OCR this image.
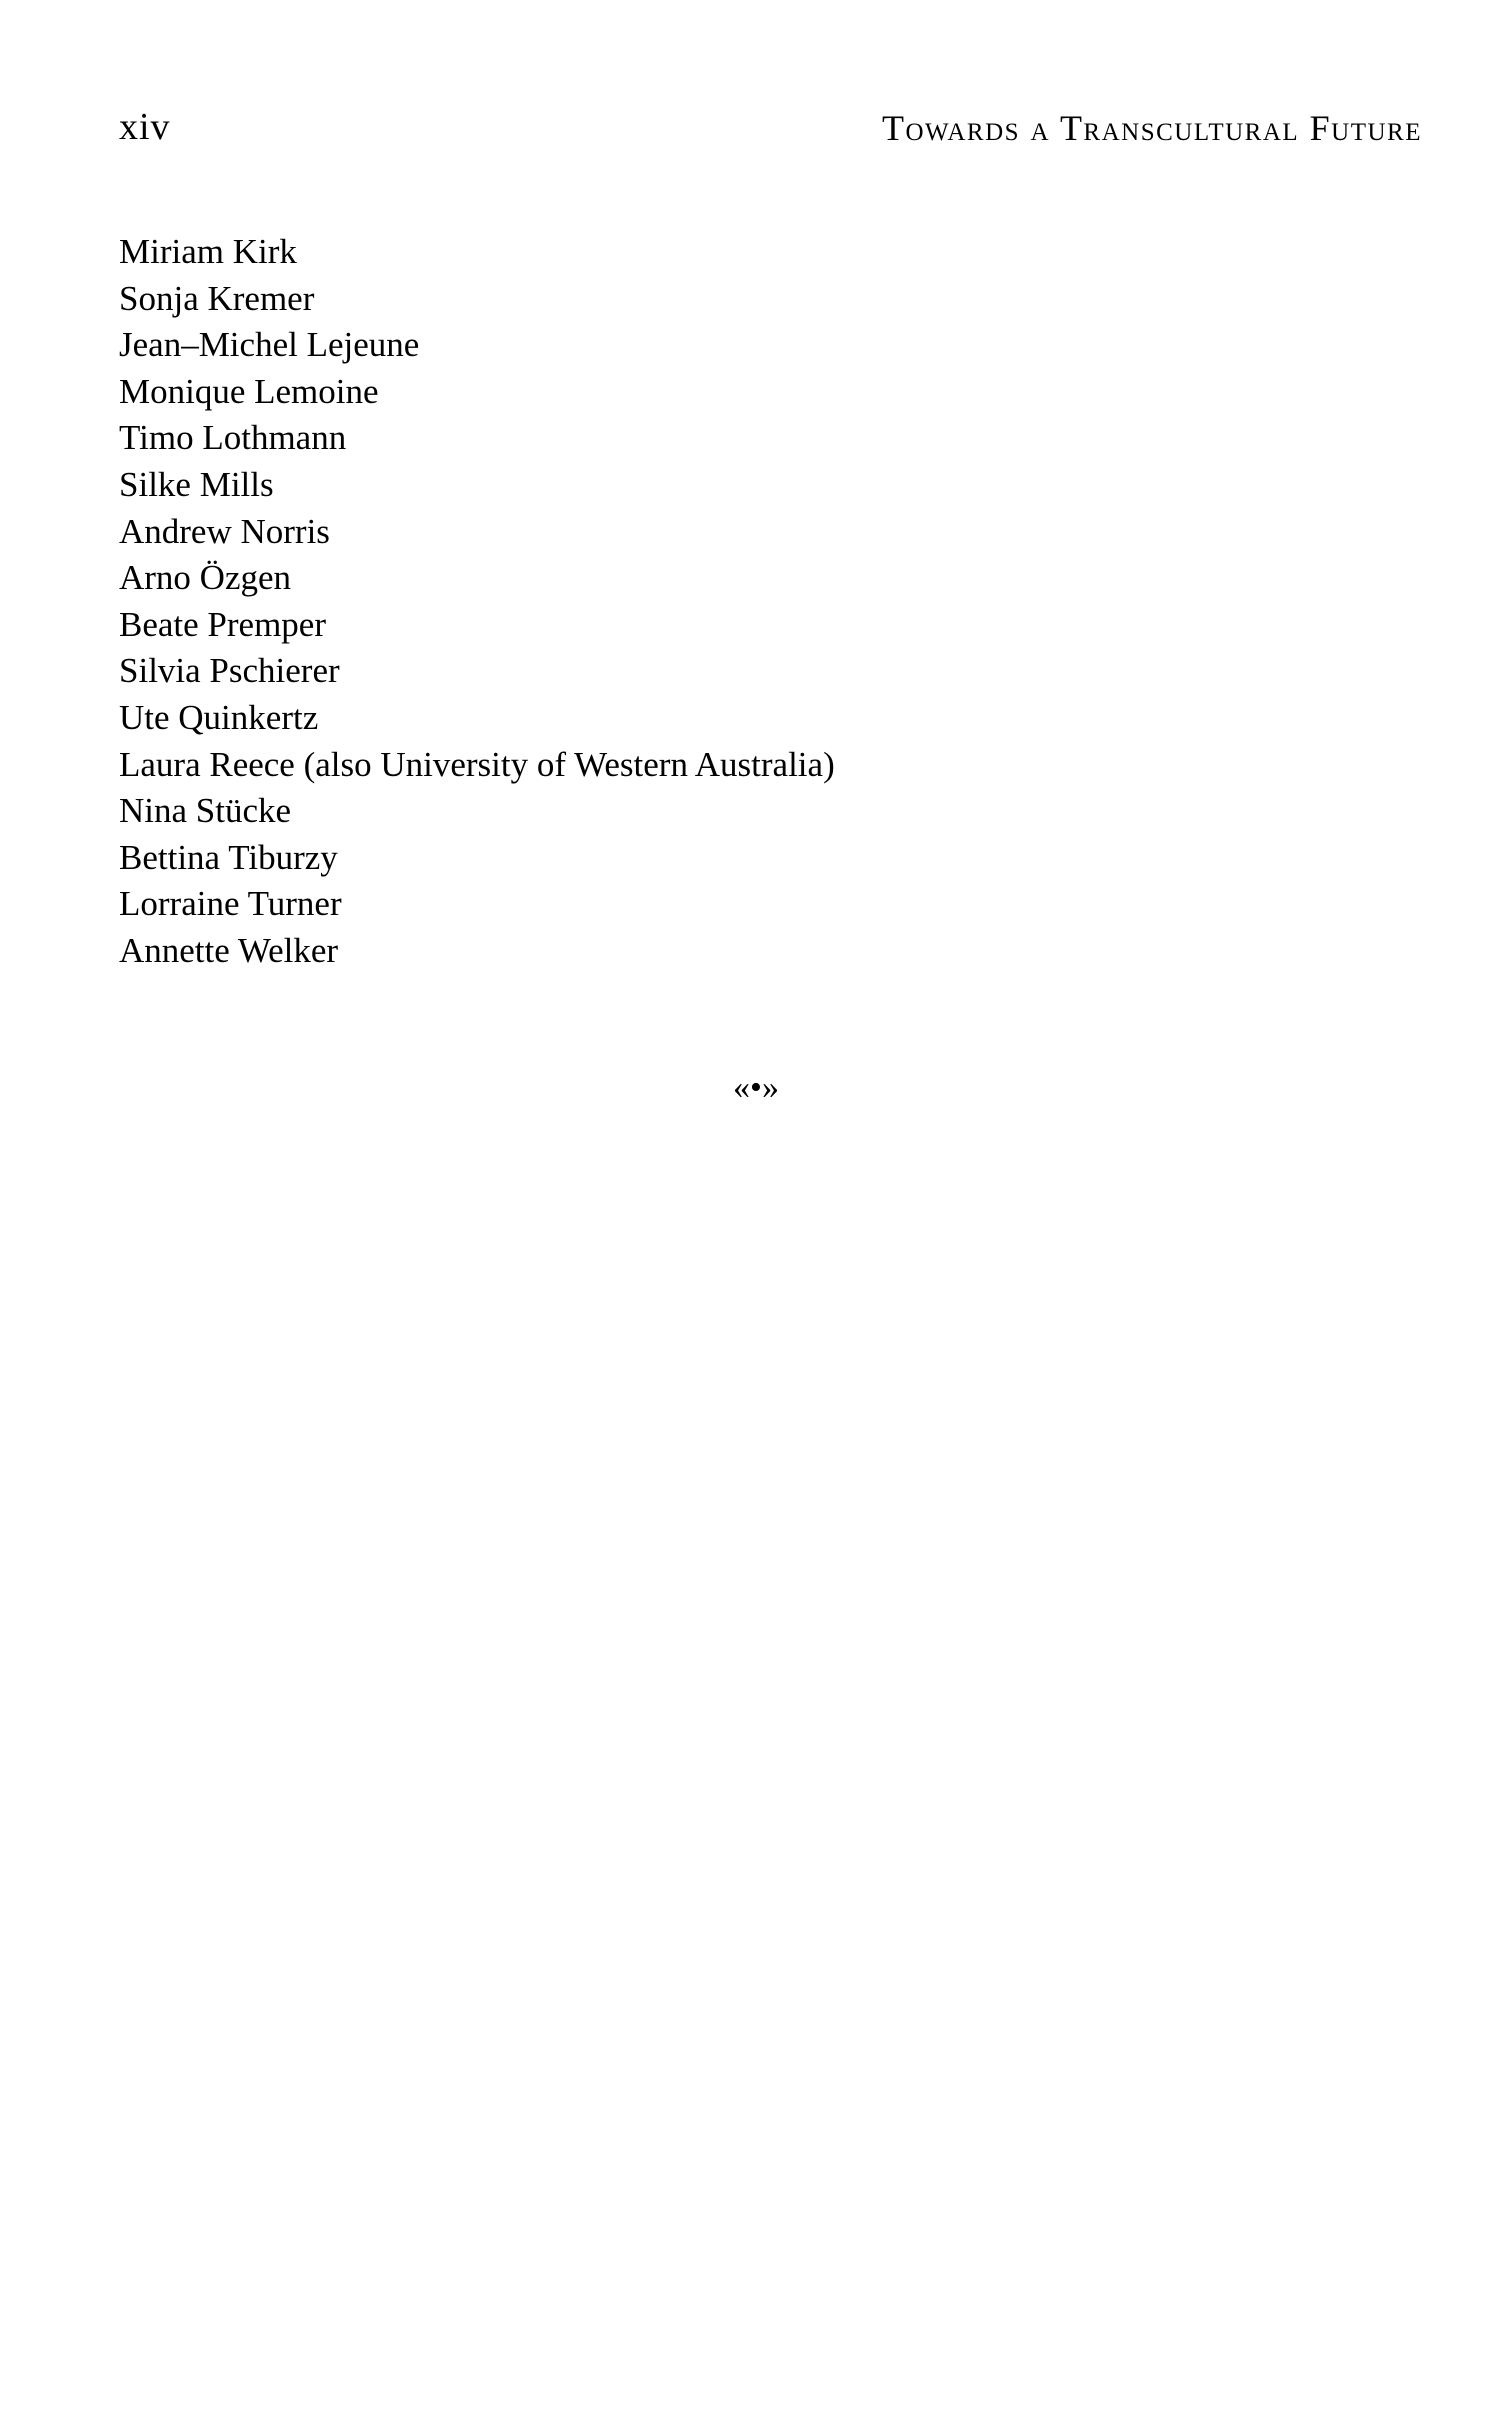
xiv	Towards a Transcultural Future
Miriam Kirk
Sonja Kremer
Jean–Michel Lejeune
Monique Lemoine
Timo Lothmann
Silke Mills
Andrew Norris
Arno Özgen
Beate Premper
Silvia Pschierer
Ute Quinkertz
Laura Reece (also University of Western Australia)
Nina Stücke
Bettina Tiburzy
Lorraine Turner
Annette Welker
«•»
